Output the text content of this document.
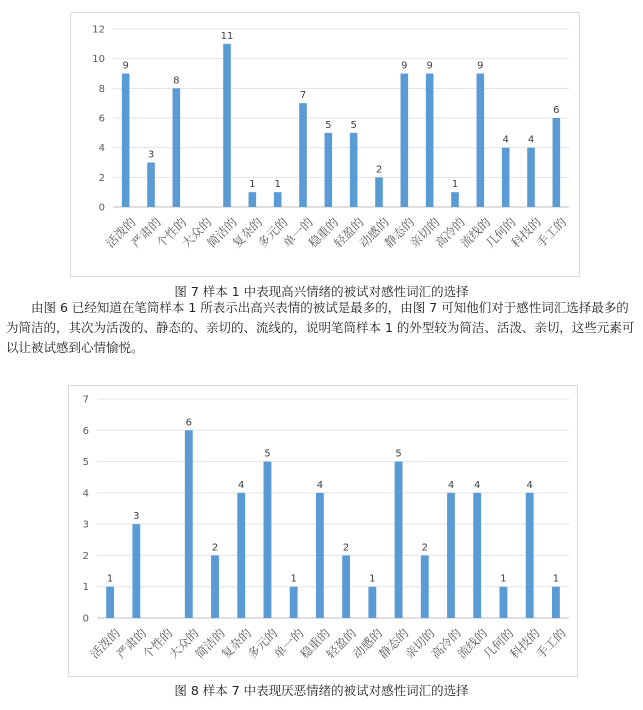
0
2
4
6
8
10
12
9
活泼的
3
严肃的
8
个性的
大众的
11
简洁的
1
复杂的
1
多元的
7
单一的
5
稳重的
5
轻盈的
2
动感的
9
静态的
9
亲切的
1
高冷的
9
流线的
4
几何的
4
科技的
6
手工的
图 7 样本 1 中表现高兴情绪的被试对感性词汇的选择

由图 6 已经知道在笔筒样本 1 所表示出高兴表情的被试是最多的，由图 7 可知他们对于感性词汇选择最多的为简洁的，其次为活泼的、静态的、亲切的、流线的，说明笔筒样本 1 的外型较为简洁、活泼、亲切，这些元素可以让被试感到心情愉悦。

0
1
2
3
4
5
6
7
1
活泼的
3
严肃的
个性的
6
大众的
2
简洁的
4
复杂的
5
多元的
1
单一的
4
稳重的
2
轻盈的
1
动感的
5
静态的
2
亲切的
4
高冷的
4
流线的
1
几何的
4
科技的
1
手工的
图 8 样本 7 中表现厌恶情绪的被试对感性词汇的选择
